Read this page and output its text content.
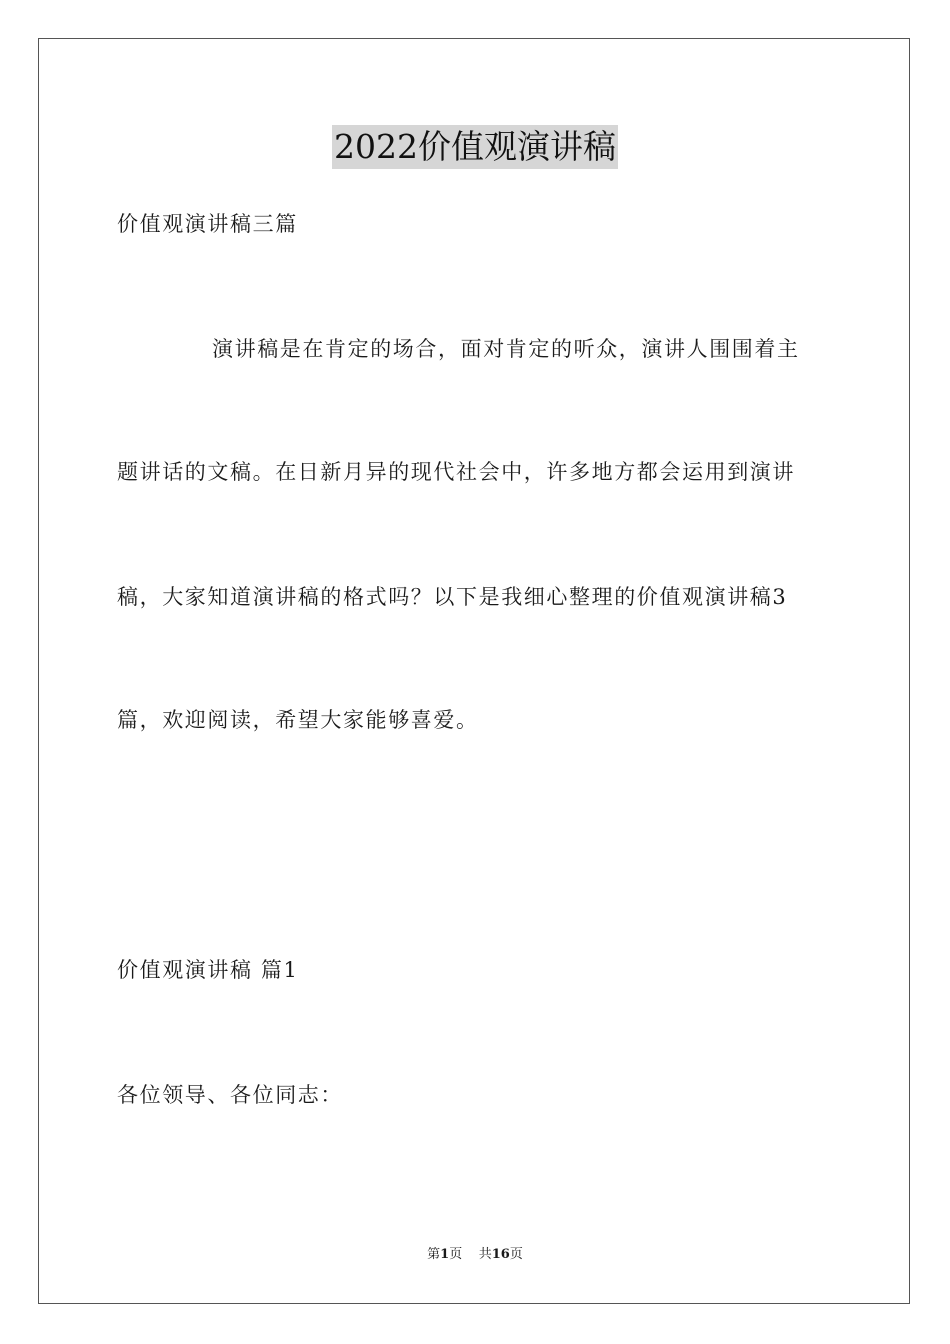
2022价值观演讲稿
价值观演讲稿三篇
演讲稿是在肯定的场合，面对肯定的听众，演讲人围围着主
题讲话的文稿。在日新月异的现代社会中，许多地方都会运用到演讲
稿，大家知道演讲稿的格式吗？以下是我细心整理的价值观演讲稿3
篇，欢迎阅读，希望大家能够喜爱。
价值观演讲稿 篇1
各位领导、各位同志：
第1页 共16页
